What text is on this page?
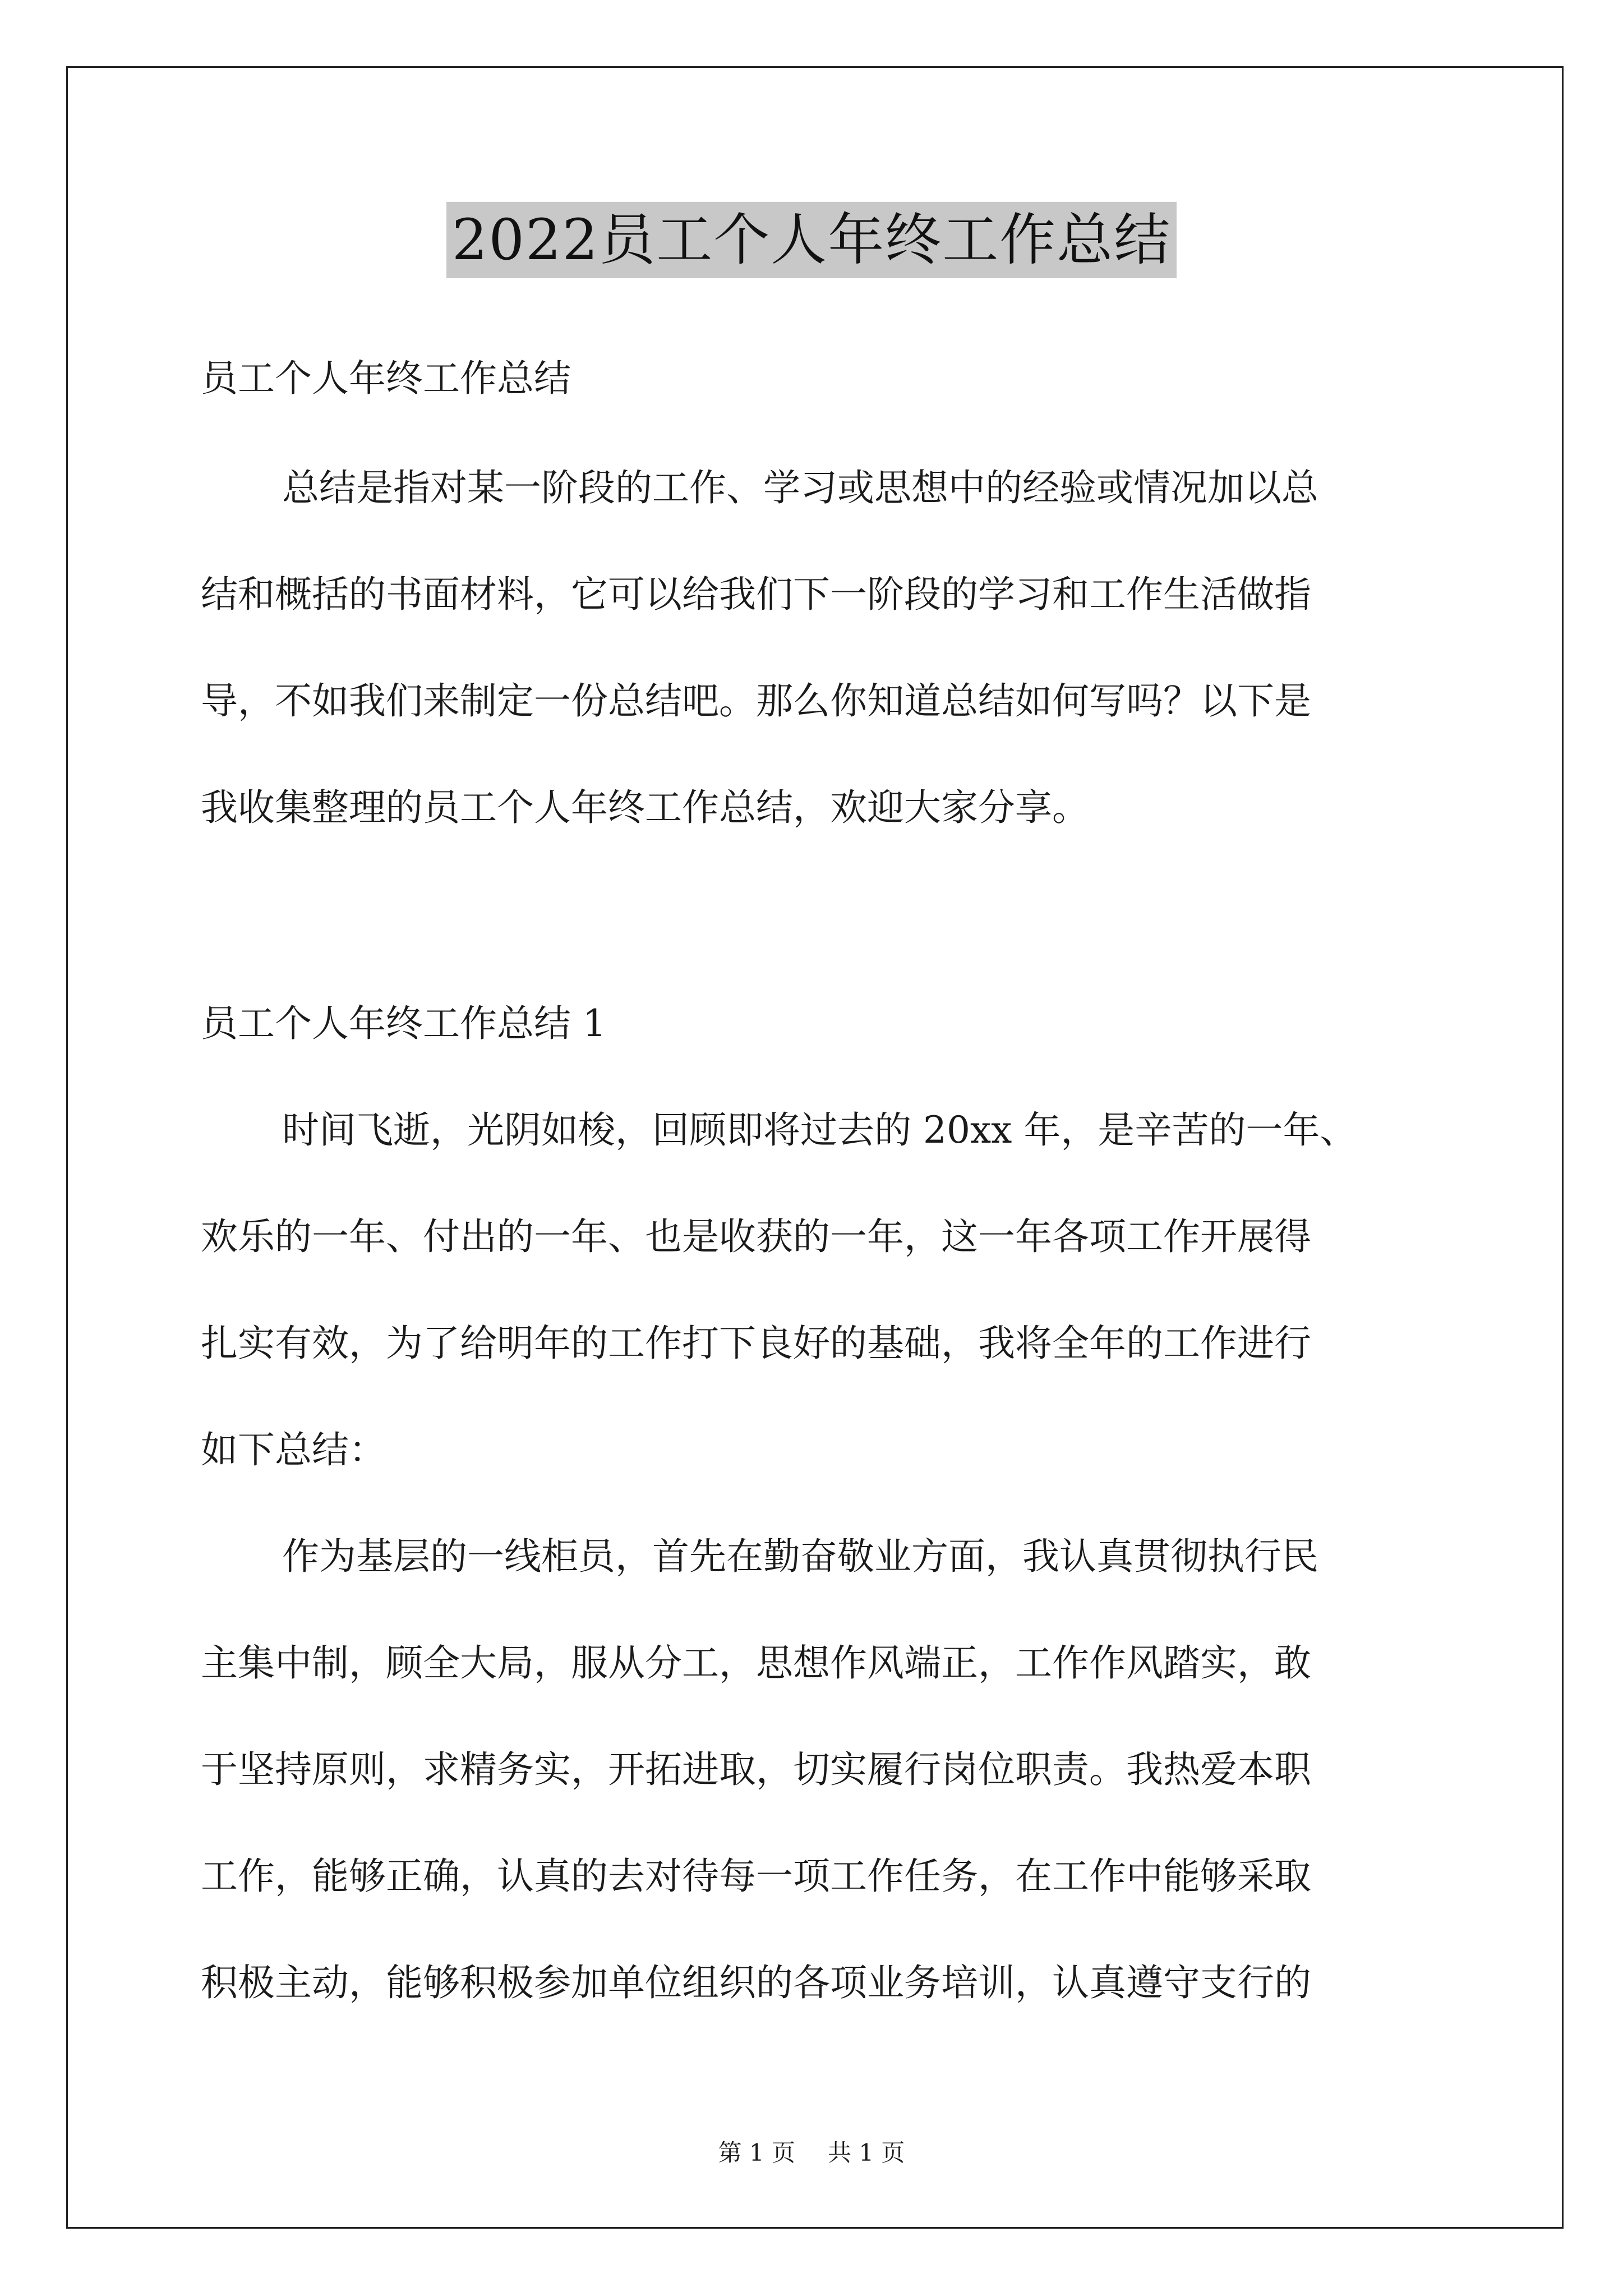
2022员工个人年终工作总结
员工个人年终工作总结
总结是指对某一阶段的工作、学习或思想中的经验或情况加以总
结和概括的书面材料，它可以给我们下一阶段的学习和工作生活做指
导，不如我们来制定一份总结吧。那么你知道总结如何写吗？以下是
我收集整理的员工个人年终工作总结，欢迎大家分享。
员工个人年终工作总结 1
时间飞逝，光阴如梭，回顾即将过去的 20xx 年，是辛苦的一年、
欢乐的一年、付出的一年、也是收获的一年，这一年各项工作开展得
扎实有效，为了给明年的工作打下良好的基础，我将全年的工作进行
如下总结：
作为基层的一线柜员，首先在勤奋敬业方面，我认真贯彻执行民
主集中制，顾全大局，服从分工，思想作风端正，工作作风踏实，敢
于坚持原则，求精务实，开拓进取，切实履行岗位职责。我热爱本职
工作，能够正确，认真的去对待每一项工作任务，在工作中能够采取
积极主动，能够积极参加单位组织的各项业务培训，认真遵守支行的
第 1 页 共 1 页
